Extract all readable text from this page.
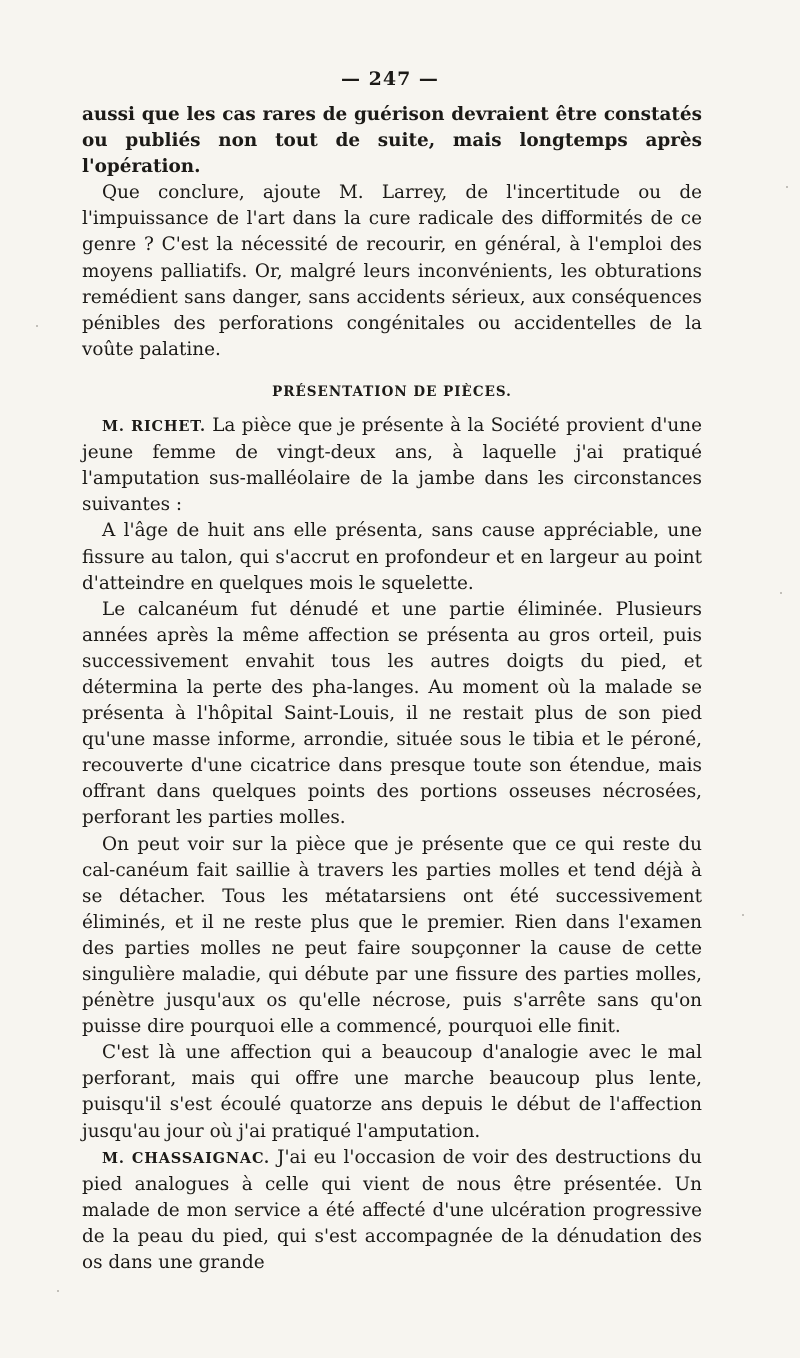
— 247 —

aussi que les cas rares de guérison devraient être constatés ou publiés non tout de suite, mais longtemps après l'opération.

Que conclure, ajoute M. Larrey, de l'incertitude ou de l'impuissance de l'art dans la cure radicale des difformités de ce genre ? C'est la nécessité de recourir, en général, à l'emploi des moyens palliatifs. Or, malgré leurs inconvénients, les obturations remédient sans danger, sans accidents sérieux, aux conséquences pénibles des perforations congénitales ou accidentelles de la voûte palatine.

PRÉSENTATION DE PIÈCES.

M. RICHET. La pièce que je présente à la Société provient d'une jeune femme de vingt-deux ans, à laquelle j'ai pratiqué l'amputation sus-malléolaire de la jambe dans les circonstances suivantes :

A l'âge de huit ans elle présenta, sans cause appréciable, une fissure au talon, qui s'accrut en profondeur et en largeur au point d'atteindre en quelques mois le squelette.

Le calcanéum fut dénudé et une partie éliminée. Plusieurs années après la même affection se présenta au gros orteil, puis successivement envahit tous les autres doigts du pied, et détermina la perte des pha-langes. Au moment où la malade se présenta à l'hôpital Saint-Louis, il ne restait plus de son pied qu'une masse informe, arrondie, située sous le tibia et le péroné, recouverte d'une cicatrice dans presque toute son étendue, mais offrant dans quelques points des portions osseuses nécrosées, perforant les parties molles.

On peut voir sur la pièce que je présente que ce qui reste du cal-canéum fait saillie à travers les parties molles et tend déjà à se détacher. Tous les métatarsiens ont été successivement éliminés, et il ne reste plus que le premier. Rien dans l'examen des parties molles ne peut faire soupçonner la cause de cette singulière maladie, qui débute par une fissure des parties molles, pénètre jusqu'aux os qu'elle nécrose, puis s'arrête sans qu'on puisse dire pourquoi elle a commencé, pourquoi elle finit.

C'est là une affection qui a beaucoup d'analogie avec le mal perforant, mais qui offre une marche beaucoup plus lente, puisqu'il s'est écoulé quatorze ans depuis le début de l'affection jusqu'au jour où j'ai pratiqué l'amputation.

M. CHASSAIGNAC. J'ai eu l'occasion de voir des destructions du pied analogues à celle qui vient de nous être présentée. Un malade de mon service a été affecté d'une ulcération progressive de la peau du pied, qui s'est accompagnée de la dénudation des os dans une grande
